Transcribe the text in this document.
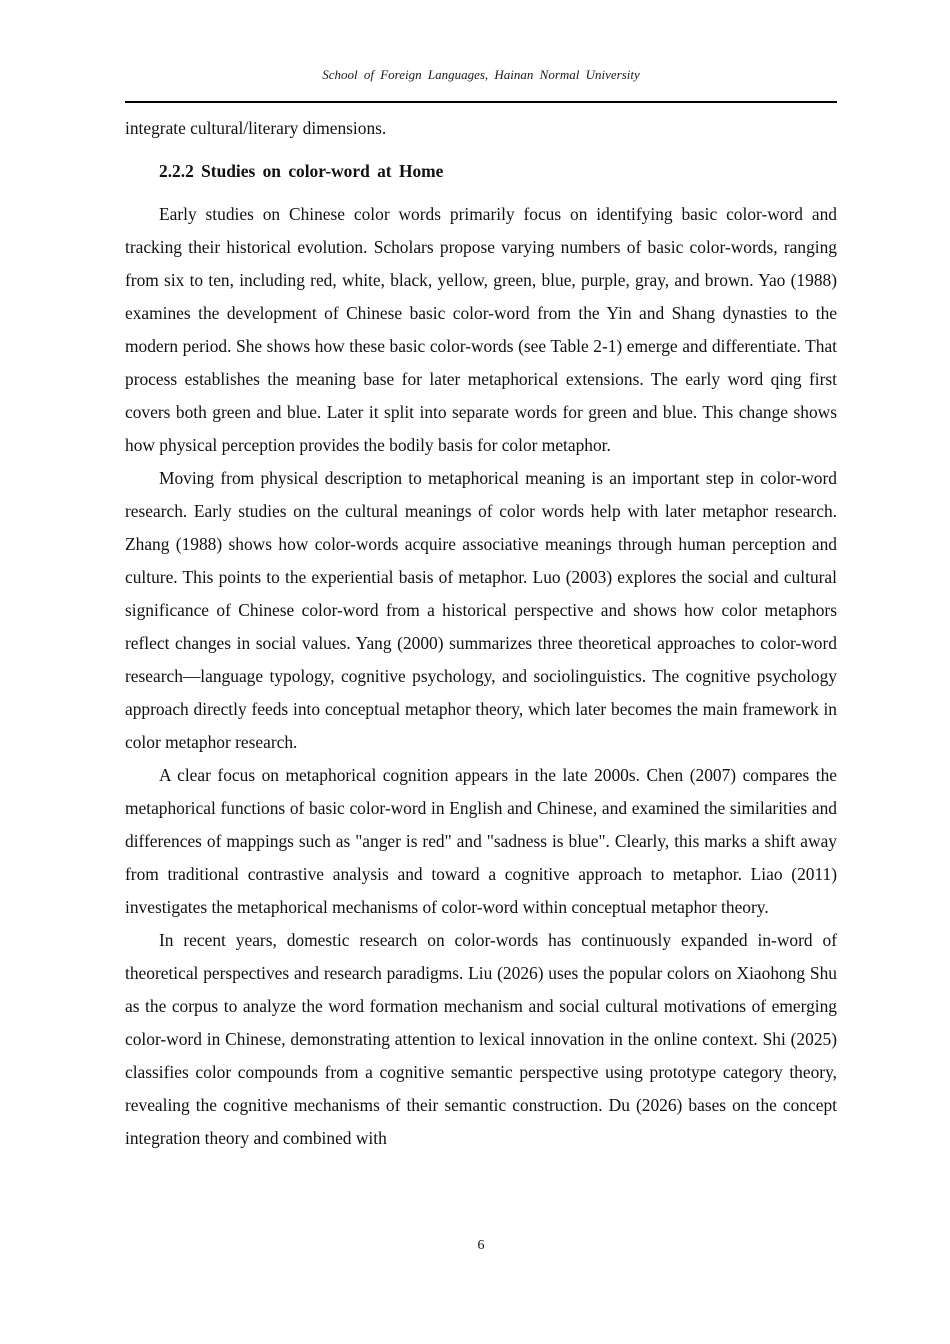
School of Foreign Languages, Hainan Normal University

integrate cultural/literary dimensions.

2.2.2 Studies on color-word at Home

Early studies on Chinese color words primarily focus on identifying basic color-word and tracking their historical evolution. Scholars propose varying numbers of basic color-words, ranging from six to ten, including red, white, black, yellow, green, blue, purple, gray, and brown. Yao (1988) examines the development of Chinese basic color-word from the Yin and Shang dynasties to the modern period. She shows how these basic color-words (see Table 2-1) emerge and differentiate. That process establishes the meaning base for later metaphorical extensions. The early word qing first covers both green and blue. Later it split into separate words for green and blue. This change shows how physical perception provides the bodily basis for color metaphor.

Moving from physical description to metaphorical meaning is an important step in color-word research. Early studies on the cultural meanings of color words help with later metaphor research. Zhang (1988) shows how color-words acquire associative meanings through human perception and culture. This points to the experiential basis of metaphor. Luo (2003) explores the social and cultural significance of Chinese color-word from a historical perspective and shows how color metaphors reflect changes in social values. Yang (2000) summarizes three theoretical approaches to color-word research—language typology, cognitive psychology, and sociolinguistics. The cognitive psychology approach directly feeds into conceptual metaphor theory, which later becomes the main framework in color metaphor research.

A clear focus on metaphorical cognition appears in the late 2000s. Chen (2007) compares the metaphorical functions of basic color-word in English and Chinese, and examined the similarities and differences of mappings such as "anger is red" and "sadness is blue". Clearly, this marks a shift away from traditional contrastive analysis and toward a cognitive approach to metaphor. Liao (2011) investigates the metaphorical mechanisms of color-word within conceptual metaphor theory.

In recent years, domestic research on color-words has continuously expanded in-word of theoretical perspectives and research paradigms. Liu (2026) uses the popular colors on Xiaohong Shu as the corpus to analyze the word formation mechanism and social cultural motivations of emerging color-word in Chinese, demonstrating attention to lexical innovation in the online context. Shi (2025) classifies color compounds from a cognitive semantic perspective using prototype category theory, revealing the cognitive mechanisms of their semantic construction. Du (2026) bases on the concept integration theory and combined with

6
